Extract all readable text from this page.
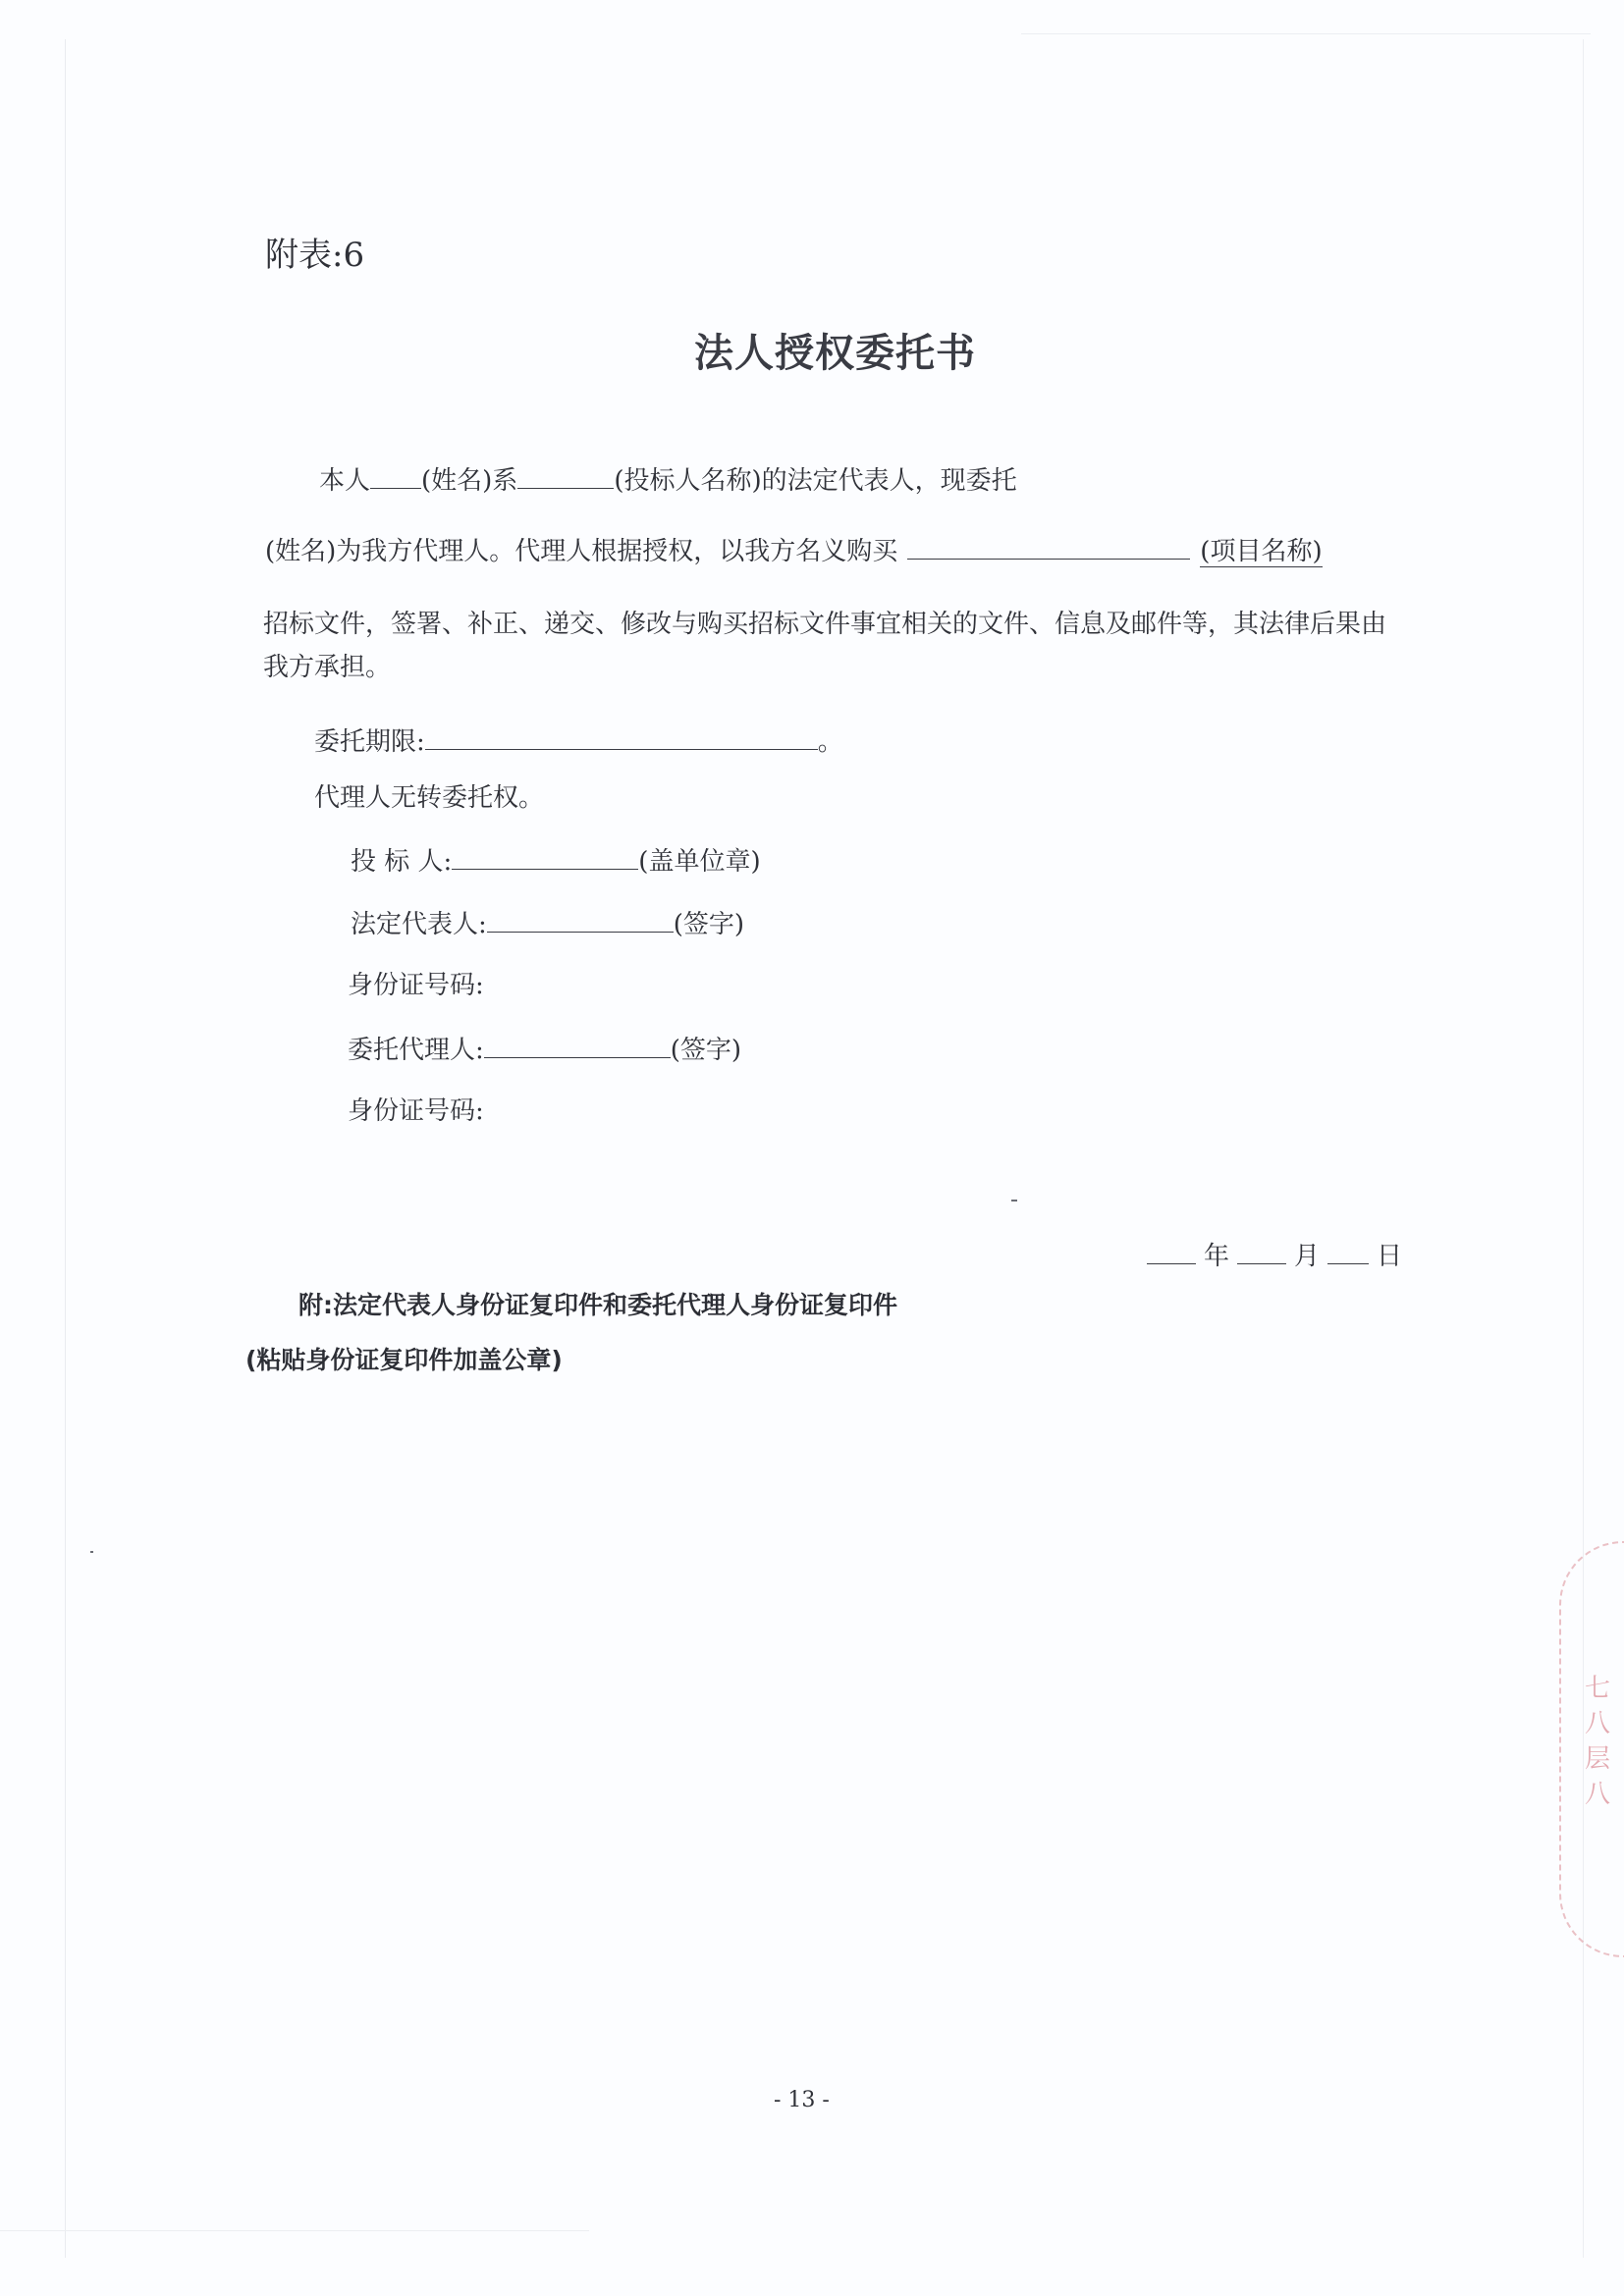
附表:6
法人授权委托书
本人 (姓名)系	(投标人名称)的法定代表人，现委托
(姓名)为我方代理人。代理人根据授权，以我方名义购买	(项目名称)
招标文件，签署、补正、递交、修改与购买招标文件事宜相关的文件、信息及邮件等，其法律后果由
我方承担。
委托期限:	。
代理人无转委托权。
投 标 人:	(盖单位章)
法定代表人:	(签字)
身份证号码:
委托代理人:	(签字)
身份证号码:
年	月 日
附:法定代表人身份证复印件和委托代理人身份证复印件
(粘贴身份证复印件加盖公章)
- 13 -
七八层八
